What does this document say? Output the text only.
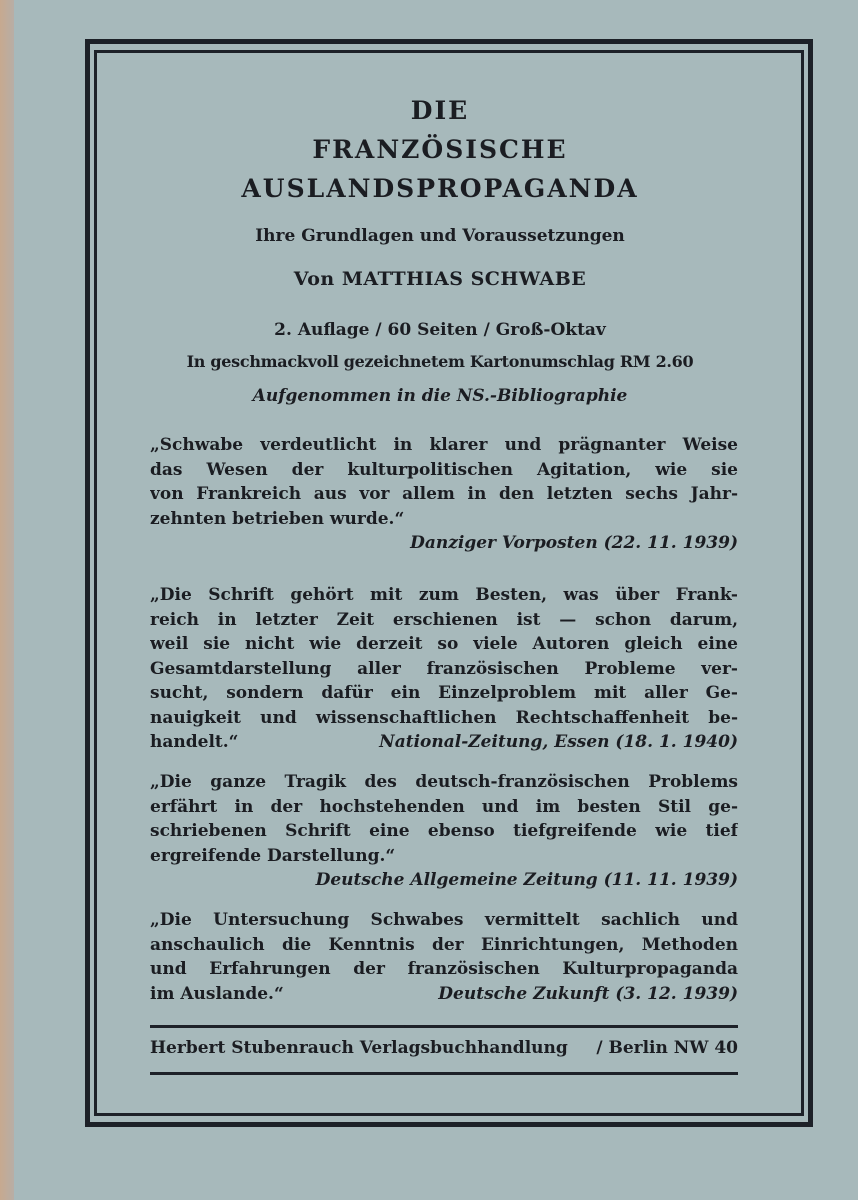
DIE
FRANZÖSISCHE
AUSLANDSPROPAGANDA
Ihre Grundlagen und Voraussetzungen
Von MATTHIAS SCHWABE
2. Auflage / 60 Seiten / Groß-Oktav
In geschmackvoll gezeichnetem Kartonumschlag RM 2.60
Aufgenommen in die NS.-Bibliographie
„Schwabe verdeutlicht in klarer und prägnanter Weise
das Wesen der kulturpolitischen Agitation, wie sie
von Frankreich aus vor allem in den letzten sechs Jahr-
zehnten betrieben wurde.“
Danziger Vorposten (22. 11. 1939)
„Die Schrift gehört mit zum Besten, was über Frank-
reich in letzter Zeit erschienen ist — schon darum,
weil sie nicht wie derzeit so viele Autoren gleich eine
Gesamtdarstellung aller französischen Probleme ver-
sucht, sondern dafür ein Einzelproblem mit aller Ge-
nauigkeit und wissenschaftlichen Rechtschaffenheit be-
handelt.“	National-Zeitung, Essen (18. 1. 1940)
„Die ganze Tragik des deutsch-französischen Problems
erfährt in der hochstehenden und im besten Stil ge-
schriebenen Schrift eine ebenso tiefgreifende wie tief
ergreifende Darstellung.“
Deutsche Allgemeine Zeitung (11. 11. 1939)
„Die Untersuchung Schwabes vermittelt sachlich und
anschaulich die Kenntnis der Einrichtungen, Methoden
und Erfahrungen der französischen Kulturpropaganda
im Auslande.“	Deutsche Zukunft (3. 12. 1939)
Herbert Stubenrauch Verlagsbuchhandlung / Berlin NW 40
